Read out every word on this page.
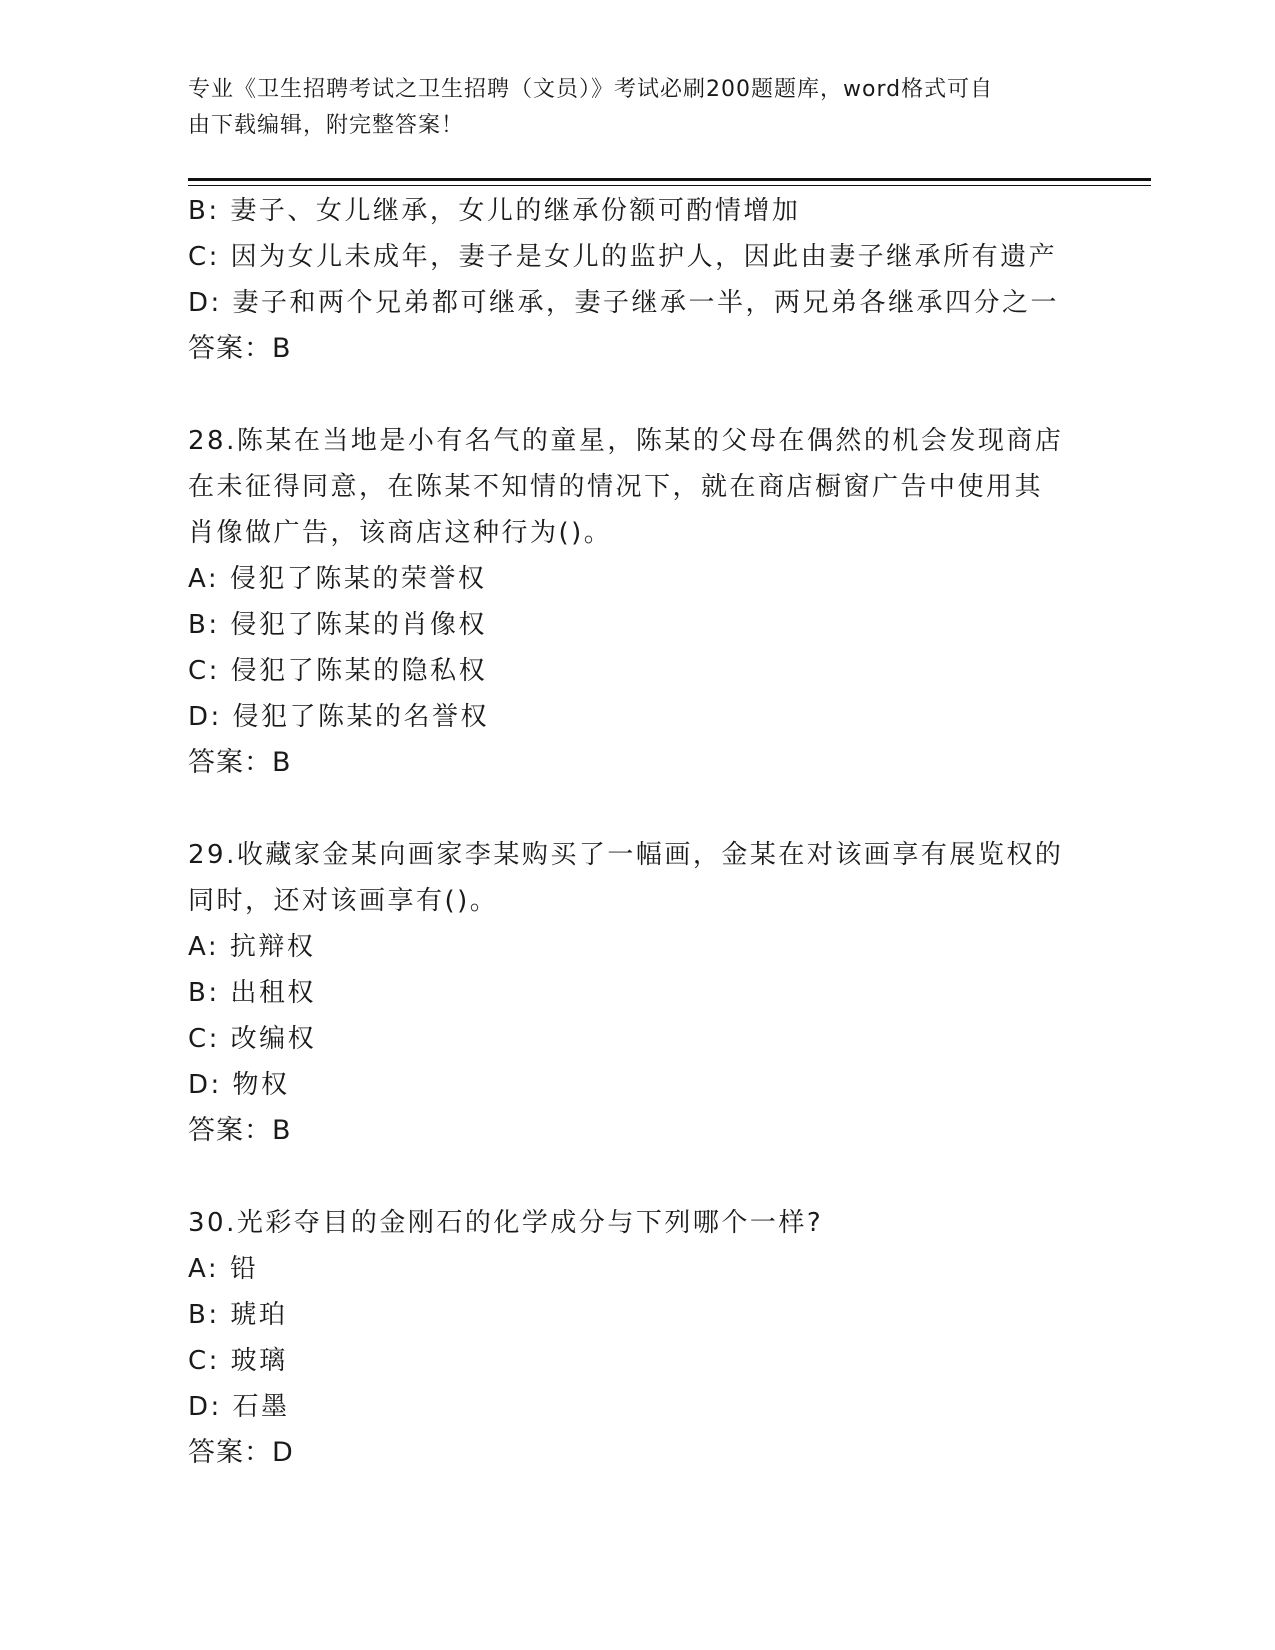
专业《卫生招聘考试之卫生招聘（文员）》考试必刷200题题库，word格式可自
由下载编辑，附完整答案！
B: 妻子、女儿继承，女儿的继承份额可酌情增加
C: 因为女儿未成年，妻子是女儿的监护人，因此由妻子继承所有遗产
D: 妻子和两个兄弟都可继承，妻子继承一半，两兄弟各继承四分之一
答案：B
28.陈某在当地是小有名气的童星，陈某的父母在偶然的机会发现商店
在未征得同意，在陈某不知情的情况下，就在商店橱窗广告中使用其
肖像做广告，该商店这种行为()。
A: 侵犯了陈某的荣誉权
B: 侵犯了陈某的肖像权
C: 侵犯了陈某的隐私权
D: 侵犯了陈某的名誉权
答案：B
29.收藏家金某向画家李某购买了一幅画，金某在对该画享有展览权的
同时，还对该画享有()。
A: 抗辩权
B: 出租权
C: 改编权
D: 物权
答案：B
30.光彩夺目的金刚石的化学成分与下列哪个一样?
A: 铅
B: 琥珀
C: 玻璃
D: 石墨
答案：D
